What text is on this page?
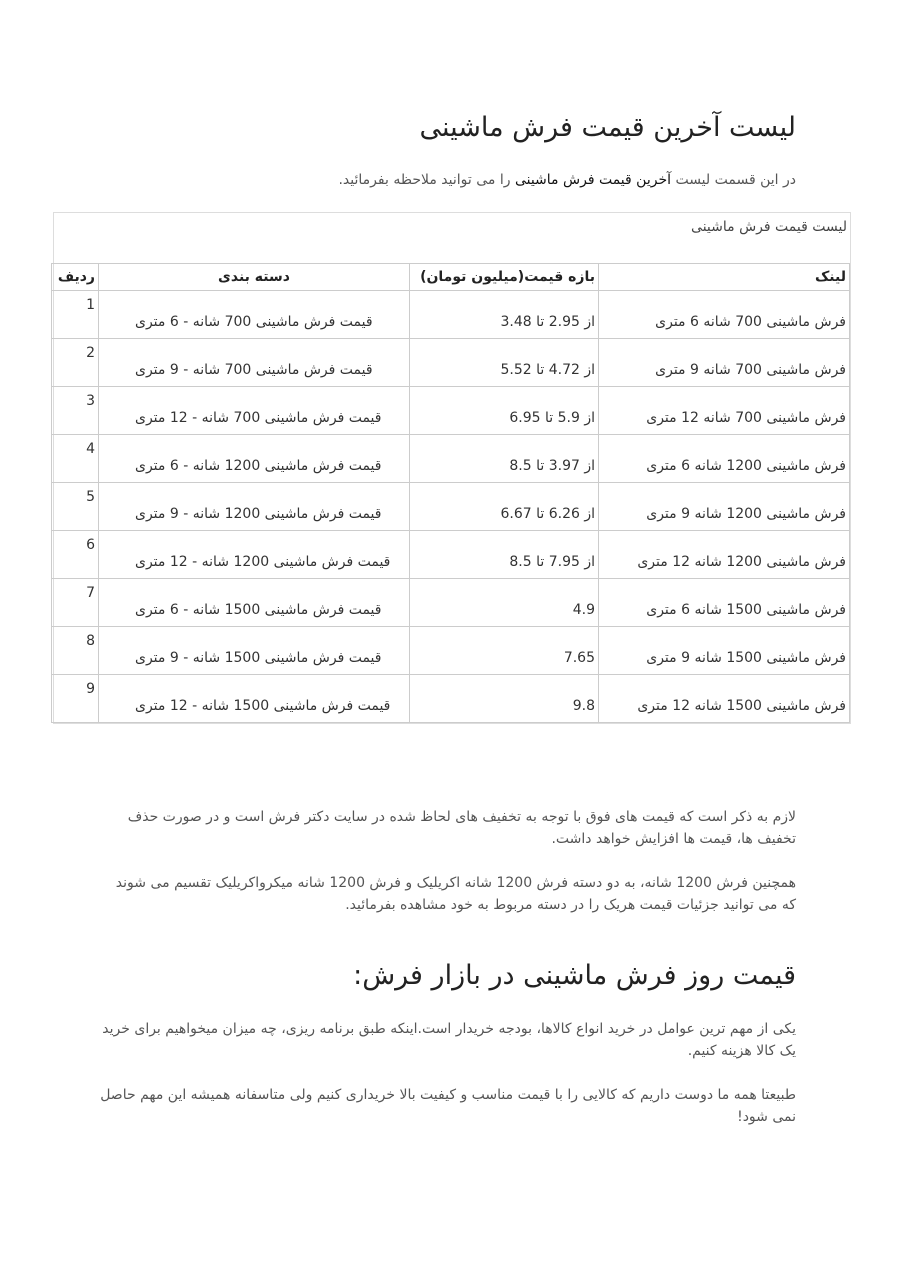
لیست آخرین قیمت فرش ماشینی

در این قسمت لیست آخرین قیمت فرش ماشینی را می توانید ملاحظه بفرمائید.

لیست قیمت فرش ماشینی
لینک	بازه قیمت(میلیون تومان)	دسته بندی	ردیف
فرش ماشینی 700 شانه 6 متری	از 2.95 تا 3.48	قیمت فرش ماشینی 700 شانه - 6 متری	1
فرش ماشینی 700 شانه 9 متری	از 4.72 تا 5.52	قیمت فرش ماشینی 700 شانه - 9 متری	2
فرش ماشینی 700 شانه 12 متری	از 5.9 تا 6.95	قیمت فرش ماشینی 700 شانه - 12 متری	3
فرش ماشینی 1200 شانه 6 متری	از 3.97 تا 8.5	قیمت فرش ماشینی 1200 شانه - 6 متری	4
فرش ماشینی 1200 شانه 9 متری	از 6.26 تا 6.67	قیمت فرش ماشینی 1200 شانه - 9 متری	5
فرش ماشینی 1200 شانه 12 متری	از 7.95 تا 8.5	قیمت فرش ماشینی 1200 شانه - 12 متری	6
فرش ماشینی 1500 شانه 6 متری	4.9	قیمت فرش ماشینی 1500 شانه - 6 متری	7
فرش ماشینی 1500 شانه 9 متری	7.65	قیمت فرش ماشینی 1500 شانه - 9 متری	8
فرش ماشینی 1500 شانه 12 متری	9.8	قیمت فرش ماشینی 1500 شانه - 12 متری	9

لازم به ذکر است که قیمت های فوق با توجه به تخفیف های لحاظ شده در سایت دکتر فرش است و در صورت حذف تخفیف ها، قیمت ها افزایش خواهد داشت.

همچنین فرش 1200 شانه، به دو دسته فرش 1200 شانه اکریلیک و فرش 1200 شانه میکرواکریلیک تقسیم می شوند که می توانید جزئیات قیمت هریک را در دسته مربوط به خود مشاهده بفرمائید.

قیمت روز فرش ماشینی در بازار فرش:

یکی از مهم ترین عوامل در خرید انواع کالاها، بودجه خریدار است.اینکه طبق برنامه ریزی، چه میزان میخواهیم برای خرید یک کالا هزینه کنیم.

طبیعتا همه ما دوست داریم که کالایی را با قیمت مناسب و کیفیت بالا خریداری کنیم ولی متاسفانه همیشه این مهم حاصل نمی شود!
